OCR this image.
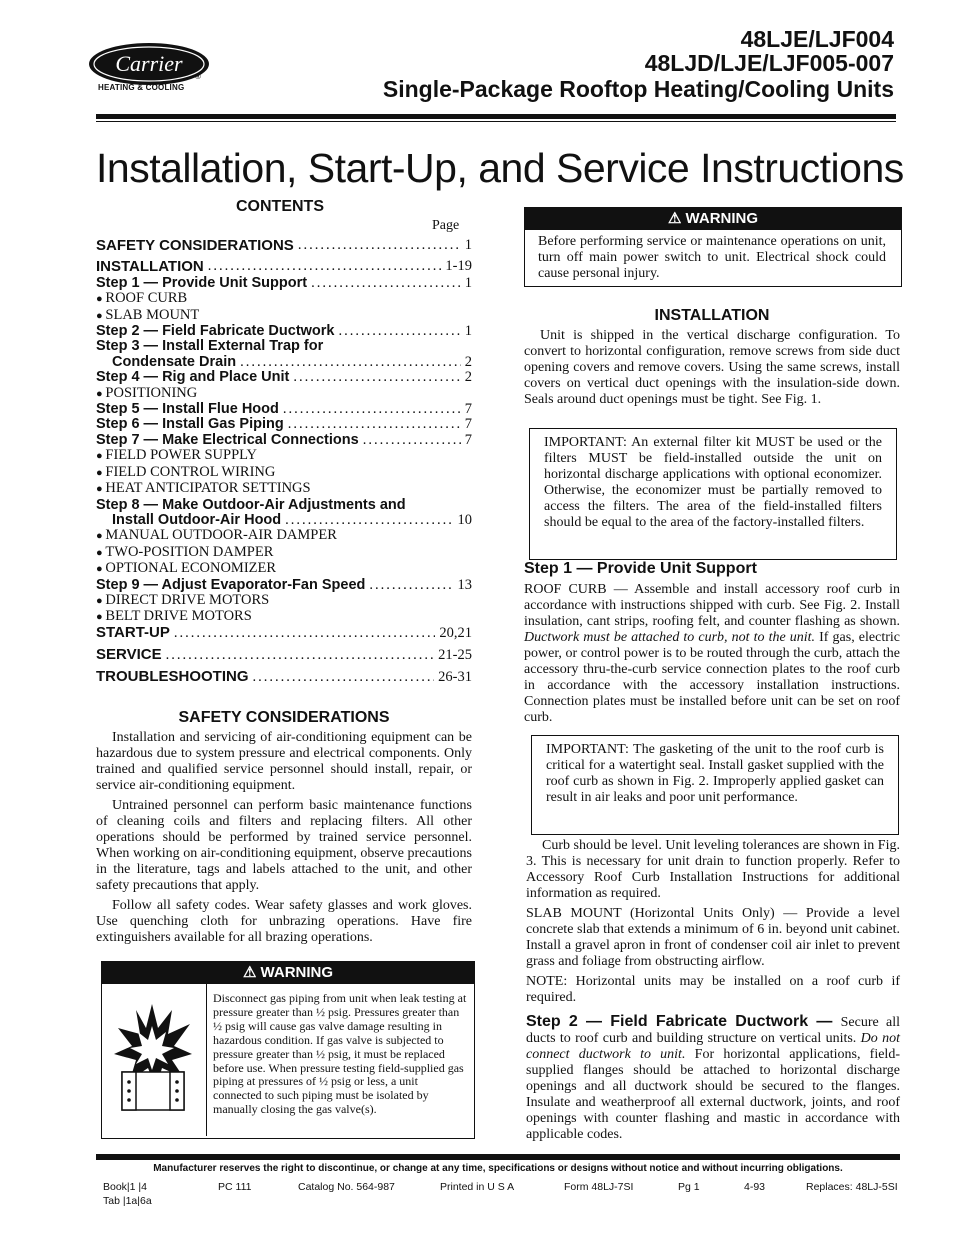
Carrier
®
HEATING & COOLING
48LJE/LJF004
48LJD/LJE/LJF005-007
Single-Package Rooftop Heating/Cooling Units
Installation, Start-Up, and Service Instructions
CONTENTS
Page
SAFETY CONSIDERATIONS .....	1
INSTALLATION .....	1-19
Step 1 — Provide Unit Support .....	1
● ROOF CURB
● SLAB MOUNT
Step 2 — Field Fabricate Ductwork .....	1
Step 3 — Install External Trap for
Condensate Drain .....	2
Step 4 — Rig and Place Unit .....	2
● POSITIONING
Step 5 — Install Flue Hood .....	7
Step 6 — Install Gas Piping .....	7
Step 7 — Make Electrical Connections .....	7
● FIELD POWER SUPPLY
● FIELD CONTROL WIRING
● HEAT ANTICIPATOR SETTINGS
Step 8 — Make Outdoor-Air Adjustments and
Install Outdoor-Air Hood .....	10
● MANUAL OUTDOOR-AIR DAMPER
● TWO-POSITION DAMPER
● OPTIONAL ECONOMIZER
Step 9 — Adjust Evaporator-Fan Speed .....	13
● DIRECT DRIVE MOTORS
● BELT DRIVE MOTORS
START-UP .....	20,21
SERVICE .....	21-25
TROUBLESHOOTING .....	26-31
SAFETY CONSIDERATIONS

Installation and servicing of air-conditioning equipment can be hazardous due to system pressure and electrical components. Only trained and qualified service personnel should install, repair, or service air-conditioning equipment.

Untrained personnel can perform basic maintenance functions of cleaning coils and filters and replacing filters. All other operations should be performed by trained service personnel. When working on air-conditioning equipment, observe precautions in the literature, tags and labels attached to the unit, and other safety precautions that apply.

Follow all safety codes. Wear safety glasses and work gloves. Use quenching cloth for unbrazing operations. Have fire extinguishers available for all brazing operations.

⚠ WARNING
Disconnect gas piping from unit when leak testing at pressure greater than ½ psig. Pressures greater than ½ psig will cause gas valve damage resulting in hazardous condition. If gas valve is subjected to pressure greater than ½ psig, it must be replaced before use. When pressure testing field-supplied gas piping at pressures of ½ psig or less, a unit connected to such piping must be isolated by manually closing the gas valve(s).
⚠ WARNING
Before performing service or maintenance operations on unit, turn off main power switch to unit. Electrical shock could cause personal injury.
INSTALLATION

Unit is shipped in the vertical discharge configuration. To convert to horizontal configuration, remove screws from side duct opening covers and remove covers. Using the same screws, install covers on vertical duct openings with the insulation-side down. Seals around duct openings must be tight. See Fig. 1.

IMPORTANT: An external filter kit MUST be used or the filters MUST be field-installed outside the unit on horizontal discharge applications with optional economizer. Otherwise, the economizer must be partially removed to access the filters. The area of the field-installed filters should be equal to the area of the factory-installed filters.
Step 1 — Provide Unit Support

ROOF CURB — Assemble and install accessory roof curb in accordance with instructions shipped with curb. See Fig. 2. Install insulation, cant strips, roofing felt, and counter flashing as shown. Ductwork must be attached to curb, not to the unit. If gas, electric power, or control power is to be routed through the curb, attach the accessory thru-the-curb service connection plates to the roof curb in accordance with the accessory installation instructions. Connection plates must be installed before unit can be set on roof curb.

IMPORTANT: The gasketing of the unit to the roof curb is critical for a watertight seal. Install gasket supplied with the roof curb as shown in Fig. 2. Improperly applied gasket can result in air leaks and poor unit performance.

Curb should be level. Unit leveling tolerances are shown in Fig. 3. This is necessary for unit drain to function properly. Refer to Accessory Roof Curb Installation Instructions for additional information as required.

SLAB MOUNT (Horizontal Units Only) — Provide a level concrete slab that extends a minimum of 6 in. beyond unit cabinet. Install a gravel apron in front of condenser coil air inlet to prevent grass and foliage from obstructing airflow.

NOTE: Horizontal units may be installed on a roof curb if required.

Step 2 — Field Fabricate Ductwork — Secure all ducts to roof curb and building structure on vertical units. Do not connect ductwork to unit. For horizontal applications, field-supplied flanges should be attached to horizontal discharge openings and all ductwork should be secured to the flanges. Insulate and weatherproof all external ductwork, joints, and roof openings with counter flashing and mastic in accordance with applicable codes.

Manufacturer reserves the right to discontinue, or change at any time, specifications or designs without notice and without incurring obligations.
Book|1 |4
Tab |1a|6a
PC 111	Catalog No. 564-987	Printed in U S A	Form 48LJ-7SI	Pg 1	4-93	Replaces: 48LJ-5SI
